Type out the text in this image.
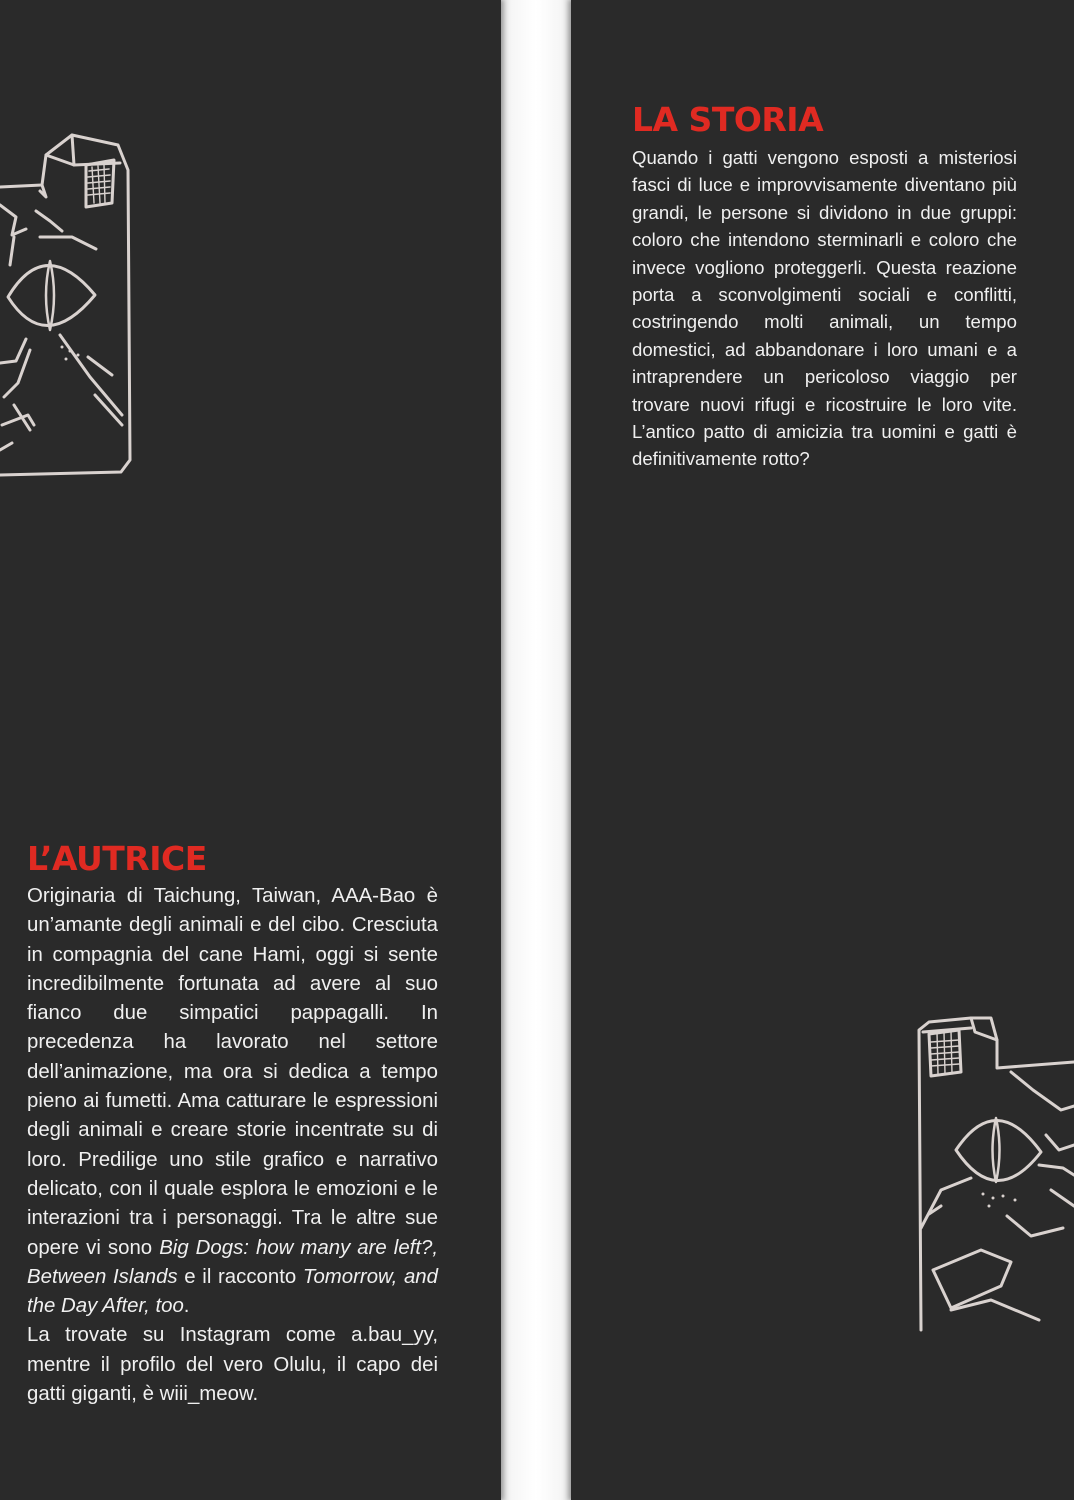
L’AUTRICE
Originaria di Taichung, Taiwan, AAA-Bao è un’amante degli animali e del cibo. Cresciuta in compagnia del cane Hami, oggi si sente incredibilmente fortunata ad avere al suo fianco due simpatici pappagalli. In precedenza ha lavorato nel settore dell’animazione, ma ora si dedica a tempo pieno ai fumetti. Ama catturare le espressioni degli animali e creare storie incentrate su di loro. Predilige uno stile grafico e narrativo delicato, con il quale esplora le emozioni e le interazioni tra i personaggi. Tra le altre sue opere vi sono Big Dogs: how many are left?, Between Islands e il racconto Tomorrow, and the Day After, too.
La trovate su Instagram come a.bau_yy, mentre il profilo del vero Olulu, il capo dei gatti giganti, è wiii_meow.
LA STORIA

Quando i gatti vengono esposti a misteriosi fasci di luce e improvvisamente diventano più grandi, le persone si dividono in due gruppi: coloro che intendono sterminarli e coloro che invece vogliono proteggerli. Questa reazione porta a sconvolgimenti sociali e conflitti, costringendo molti animali, un tempo domestici, ad abbandonare i loro umani e a intraprendere un pericoloso viaggio per trovare nuovi rifugi e ricostruire le loro vite. L’antico patto di amicizia tra uomini e gatti è definitivamente rotto?
